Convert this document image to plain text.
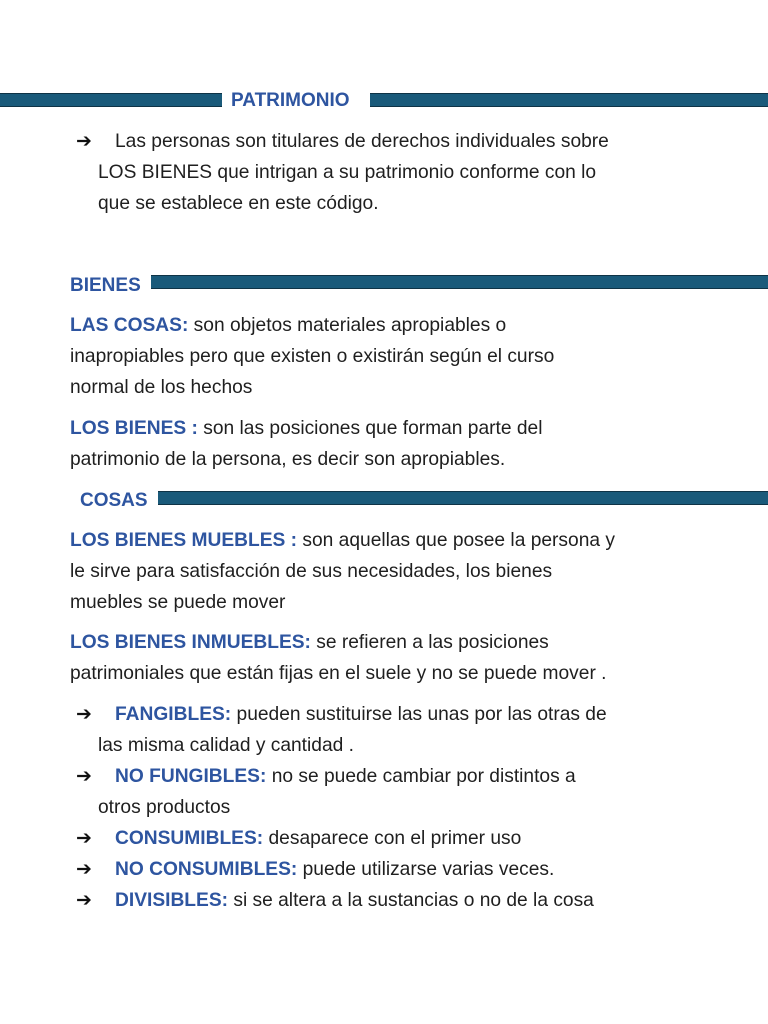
PATRIMONIO
➔	Las personas son titulares de derechos individuales sobre
LOS BIENES que intrigan a su patrimonio conforme con lo
que se establece en este código.

BIENES

LAS COSAS: son objetos materiales apropiables o
inapropiables pero que existen o existirán según el curso
normal de los hechos

LOS BIENES : son las posiciones que forman parte del
patrimonio de la persona, es decir son apropiables.

COSAS

LOS BIENES MUEBLES : son aquellas que posee la persona y
le sirve para satisfacción de sus necesidades, los bienes
muebles se puede mover

LOS BIENES INMUEBLES: se refieren a las posiciones
patrimoniales que están fijas en el suele y no se puede mover .

➔	FANGIBLES: pueden sustituirse las unas por las otras de
las misma calidad y cantidad .

➔	NO FUNGIBLES: no se puede cambiar por distintos a
otros productos

➔ CONSUMIBLES: desaparece con el primer uso

➔ NO CONSUMIBLES: puede utilizarse varias veces.

➔ DIVISIBLES: si se altera a la sustancias o no de la cosa
